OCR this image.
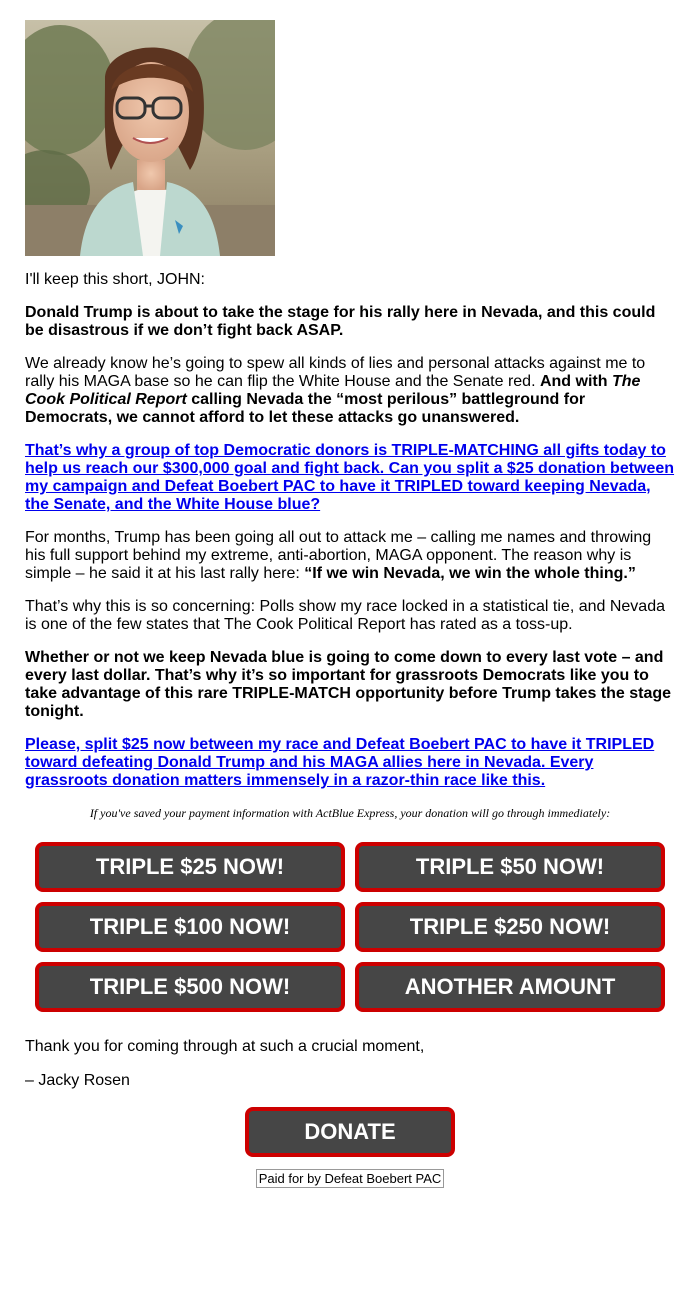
I'll keep this short, JOHN:

Donald Trump is about to take the stage for his rally here in Nevada, and this could be disastrous if we don’t fight back ASAP.

We already know he’s going to spew all kinds of lies and personal attacks against me to rally his MAGA base so he can flip the White House and the Senate red. And with The Cook Political Report calling Nevada the “most perilous” battleground for Democrats, we cannot afford to let these attacks go unanswered.

That’s why a group of top Democratic donors is TRIPLE-MATCHING all gifts today to help us reach our $300,000 goal and fight back. Can you split a $25 donation between my campaign and Defeat Boebert PAC to have it TRIPLED toward keeping Nevada, the Senate, and the White House blue?

For months, Trump has been going all out to attack me – calling me names and throwing his full support behind my extreme, anti-abortion, MAGA opponent. The reason why is simple – he said it at his last rally here: “If we win Nevada, we win the whole thing.”

That’s why this is so concerning: Polls show my race locked in a statistical tie, and Nevada is one of the few states that The Cook Political Report has rated as a toss-up.

Whether or not we keep Nevada blue is going to come down to every last vote – and every last dollar. That’s why it’s so important for grassroots Democrats like you to take advantage of this rare TRIPLE-MATCH opportunity before Trump takes the stage tonight.

Please, split $25 now between my race and Defeat Boebert PAC to have it TRIPLED toward defeating Donald Trump and his MAGA allies here in Nevada. Every grassroots donation matters immensely in a razor-thin race like this.

If you've saved your payment information with ActBlue Express, your donation will go through immediately:

TRIPLE $25 NOW!	TRIPLE $50 NOW!
TRIPLE $100 NOW!	TRIPLE $250 NOW!
TRIPLE $500 NOW!	ANOTHER AMOUNT

Thank you for coming through at such a crucial moment,

– Jacky Rosen

DONATE
Paid for by Defeat Boebert PAC
